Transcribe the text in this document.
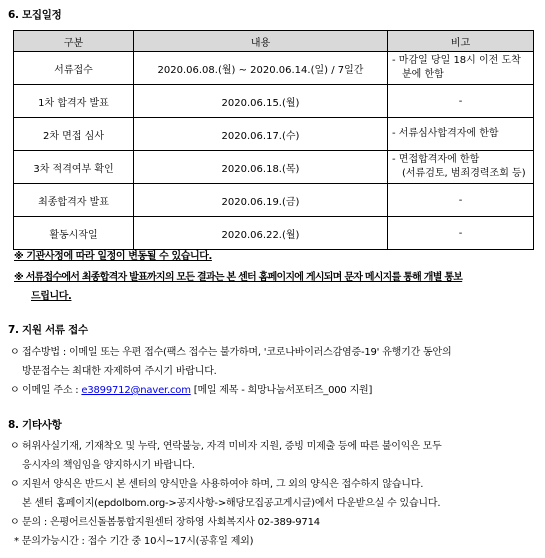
6. 모집일정
구분	내용	비고
서류접수	2020.06.08.(월) ~ 2020.06.14.(일) / 7일간	- 마감일 당일 18시 이전 도착
분에 한함

1차 합격자 발표	2020.06.15.(월)	-
2차 면접 심사	2020.06.17.(수)	- 서류심사합격자에 한함

3차 적격여부 확인	2020.06.18.(목)	- 면접합격자에 한함
(서류검토, 범죄경력조회 등)

최종합격자 발표	2020.06.19.(금)	-
활동시작일	2020.06.22.(월)	-
※ 기관사정에 따라 일정이 변동될 수 있습니다.
※ 서류접수에서 최종합격자 발표까지의 모든 결과는 본 센터 홈페이지에 게시되며 문자 메시지를 통해 개별 통보
드립니다.
7. 지원 서류 접수
ㅇ 접수방법 : 이메일 또는 우편 접수(팩스 접수는 불가하며, '코로나바이러스감염증-19' 유행기간 동안의
방문접수는 최대한 자제하여 주시기 바랍니다.
ㅇ 이메일 주소 : e3899712@naver.com [메일 제목 - 희망나눔서포터즈_000 지원]
8. 기타사항
ㅇ 허위사실기재, 기재착오 및 누락, 연락불능, 자격 미비자 지원, 증빙 미제출 등에 따른 불이익은 모두
응시자의 책임임을 양지하시기 바랍니다.
ㅇ 지원서 양식은 반드시 본 센터의 양식만을 사용하여야 하며, 그 외의 양식은 접수하지 않습니다.
본 센터 홈페이지(epdolbom.org->공지사항->해당모집공고게시글)에서 다운받으실 수 있습니다.
ㅇ 문의 : 은평어르신돌봄통합지원센터 장하영 사회복지사 02-389-9714
* 문의가능시간 : 접수 기간 중 10시~17시(공휴일 제외)
